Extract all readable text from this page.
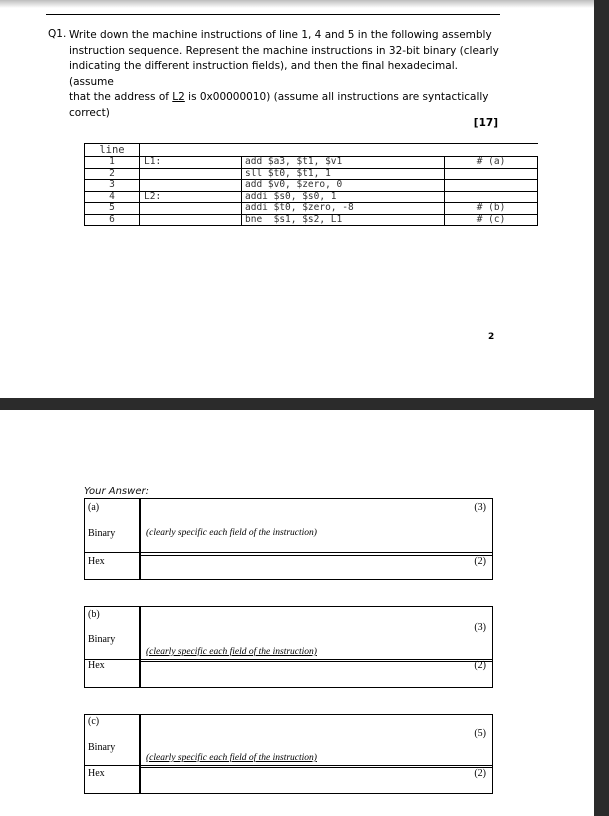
Q1. Write down the machine instructions of line 1, 4 and 5 in the following assembly
instruction sequence. Represent the machine instructions in 32-bit binary (clearly
indicating the different instruction fields), and then the final hexadecimal. (assume
that the address of L2 is 0x00000010) (assume all instructions are syntactically
correct)
[17]
line			
1	L1:	add $a3, $t1, $v1	# (a)
2		sll $t0, $t1, 1	
3		add $v0, $zero, 0	
4	L2:	addi $s0, $s0, 1	
5		addi $t0, $zero, -8	# (b)
6		bne  $s1, $s2, L1	# (c)
2
Your Answer:
(a)
Binary	(clearly specific each field of the instruction)
(3)
Hex	(2)
(b)
Binary
(clearly specific each field of the instruction)
(3)
Hex	(2)
(c)
Binary
(clearly specific each field of the instruction)
(5)
Hex	(2)
